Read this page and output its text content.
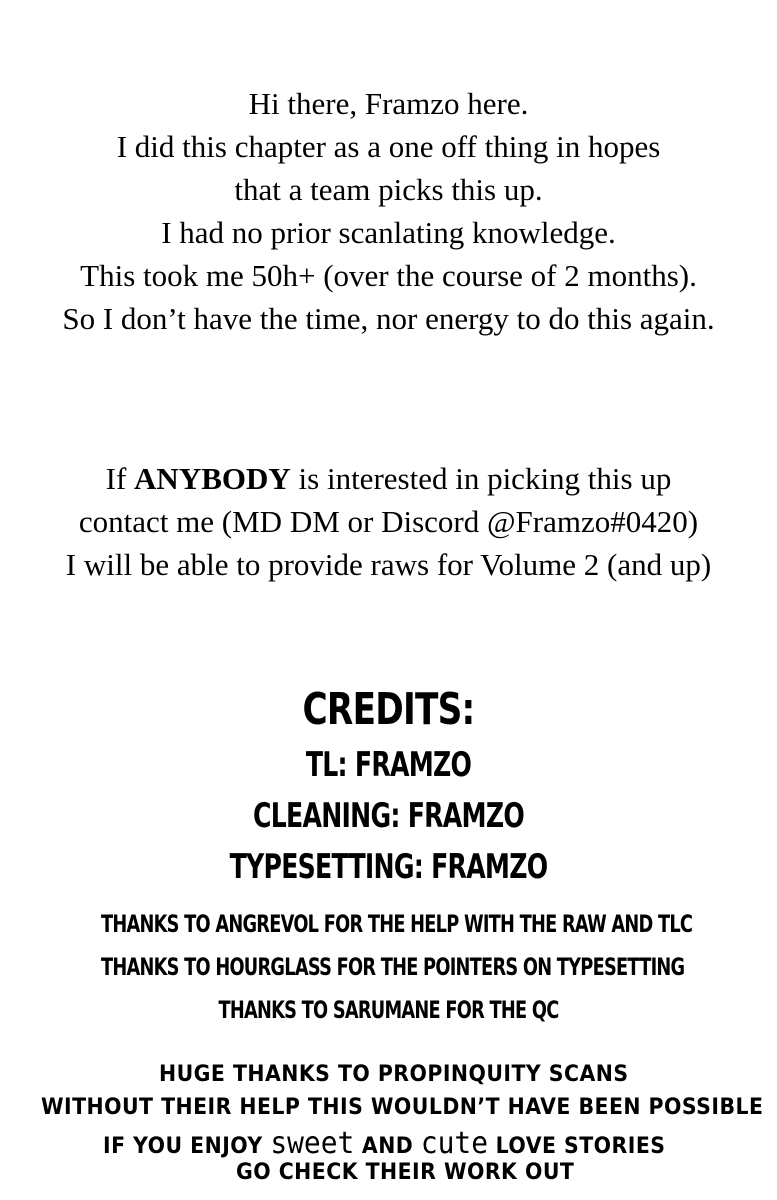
Hi there, Framzo here.
I did this chapter as a one off thing in hopes
that a team picks this up.
I had no prior scanlating knowledge.
This took me 50h+ (over the course of 2 months).
So I don’t have the time, nor energy to do this again.
If ANYBODY is interested in picking this up
contact me (MD DM or Discord @Framzo#0420)
I will be able to provide raws for Volume 2 (and up)
CREDITS:
TL: FRAMZO
CLEANING: FRAMZO
TYPESETTING: FRAMZO
THANKS TO ANGREVOL FOR THE HELP WITH THE RAW AND TLC
THANKS TO HOURGLASS FOR THE POINTERS ON TYPESETTING
THANKS TO SARUMANE FOR THE QC
HUGE THANKS TO PROPINQUITY SCANS
WITHOUT THEIR HELP THIS WOULDN’T HAVE BEEN POSSIBLE
IF YOU ENJOY sweet AND cute LOVE STORIES
GO CHECK THEIR WORK OUT
